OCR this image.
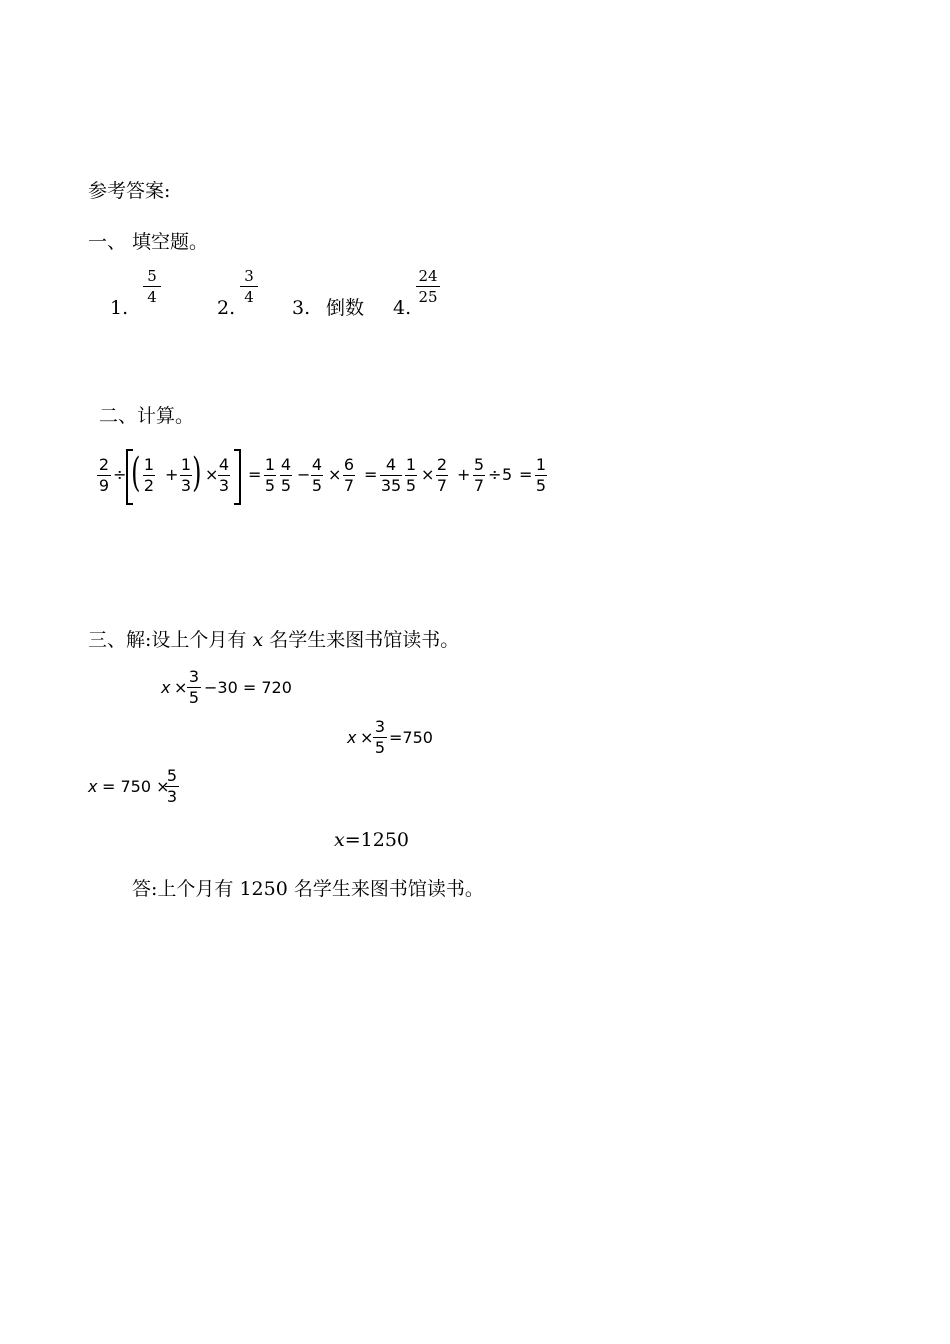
参考答案:
一、 填空题。
1.
5
4	2.
3
4 3. 倒数 4.
24
25
二、计算。
2
9
÷ ( 1
2
+
1
3 ) ×
4
3
=
1
5
4
5
−
4
5
×
6
7
=
4
35
1
5
×
2
7
+
5
7
÷ 5 =
1
5
三、解:设上个月有 x 名学生来图书馆读书。
x ×
3
5
−30 = 720
x ×
3
5
=750
x = 750 ×
5
3
x=1250
答:上个月有 1250 名学生来图书馆读书。
